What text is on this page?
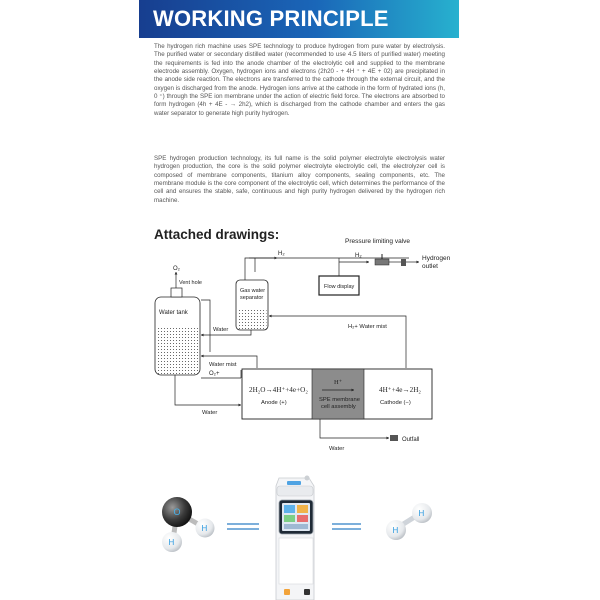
WORKING PRINCIPLE

The hydrogen rich machine uses SPE technology to produce hydrogen from pure water by electrolysis. The purified water or secondary distilled water (recommended to use 4.5 liters of purified water) meeting the requirements is fed into the anode chamber of the electrolytic cell and supplied to the membrane electrode assembly. Oxygen, hydrogen ions and electrons (2h20 - + 4H ⁺ + 4E + 02) are precipitated in the anode side reaction. The electrons are transferred to the cathode through the external circuit, and the oxygen is discharged from the anode. Hydrogen ions arrive at the cathode in the form of hydrated ions (h, 0 ⁺) through the SPE ion membrane under the action of electric field force. The electrons are absorbed to form hydrogen (4h + 4E - → 2h2), which is discharged from the cathode chamber and enters the gas water separator to generate high purity hydrogen.

SPE hydrogen production technology, its full name is the solid polymer electrolyte electrolysis water hydrogen production, the core is the solid polymer electrolyte electrolytic cell, the electrolyzer cell is composed of membrane components, titanium alloy components, sealing components, etc. The membrane module is the core component of the electrolytic cell, which determines the performance of the cell and ensures the stable, safe, continuous and high purity hydrogen delivered by the hydrogen rich machine.

Attached drawings:
Water tank
O₂
Vent hole
Gas water
separator
H₂
Flow display
Pressure limiting valve
H₂	Hydrogen
outlet
H₂+ Water mist
Water
Water mist
O₂+
Water
2H₂O→4H⁺+4e+O₂
Anode (+)
H⁺
SPE membrane
cell assembly
4H⁺+4e→2H₂
Cathode (−)
Outfall
Water
O
H
H
H
H
